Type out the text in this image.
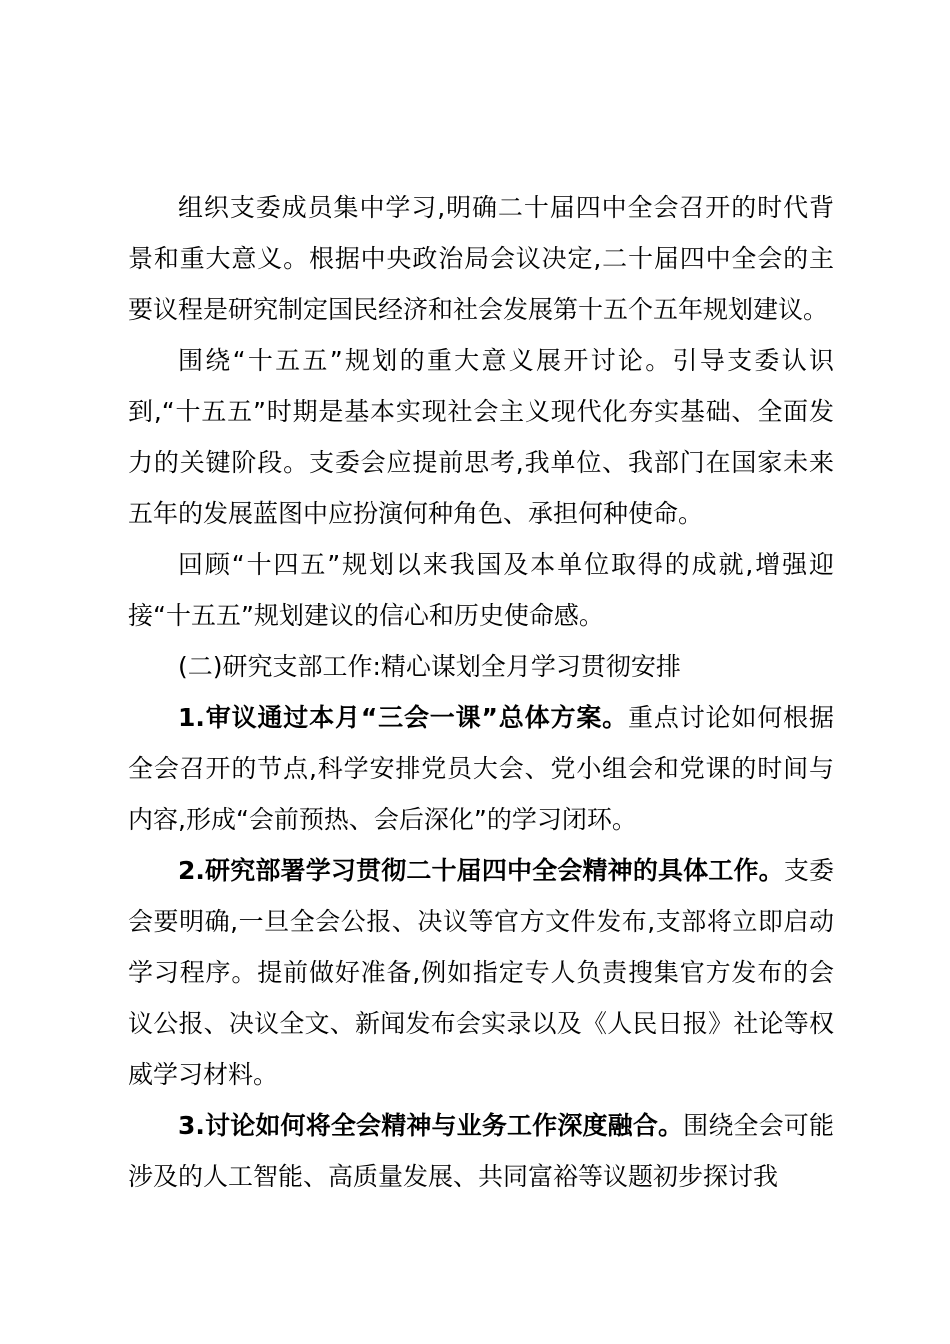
组织支委成员集中学习,明确二十届四中全会召开的时代背景和重大意义。根据中央政治局会议决定,二十届四中全会的主要议程是研究制定国民经济和社会发展第十五个五年规划建议。

围绕“十五五”规划的重大意义展开讨论。引导支委认识到,“十五五”时期是基本实现社会主义现代化夯实基础、全面发力的关键阶段。支委会应提前思考,我单位、我部门在国家未来五年的发展蓝图中应扮演何种角色、承担何种使命。

回顾“十四五”规划以来我国及本单位取得的成就,增强迎接“十五五”规划建议的信心和历史使命感。

(二)研究支部工作:精心谋划全月学习贯彻安排

1.审议通过本月“三会一课”总体方案。重点讨论如何根据全会召开的节点,科学安排党员大会、党小组会和党课的时间与内容,形成“会前预热、会后深化”的学习闭环。

2.研究部署学习贯彻二十届四中全会精神的具体工作。支委会要明确,一旦全会公报、决议等官方文件发布,支部将立即启动学习程序。提前做好准备,例如指定专人负责搜集官方发布的会议公报、决议全文、新闻发布会实录以及《人民日报》社论等权威学习材料。

3.讨论如何将全会精神与业务工作深度融合。围绕全会可能涉及的人工智能、高质量发展、共同富裕等议题初步探讨我
